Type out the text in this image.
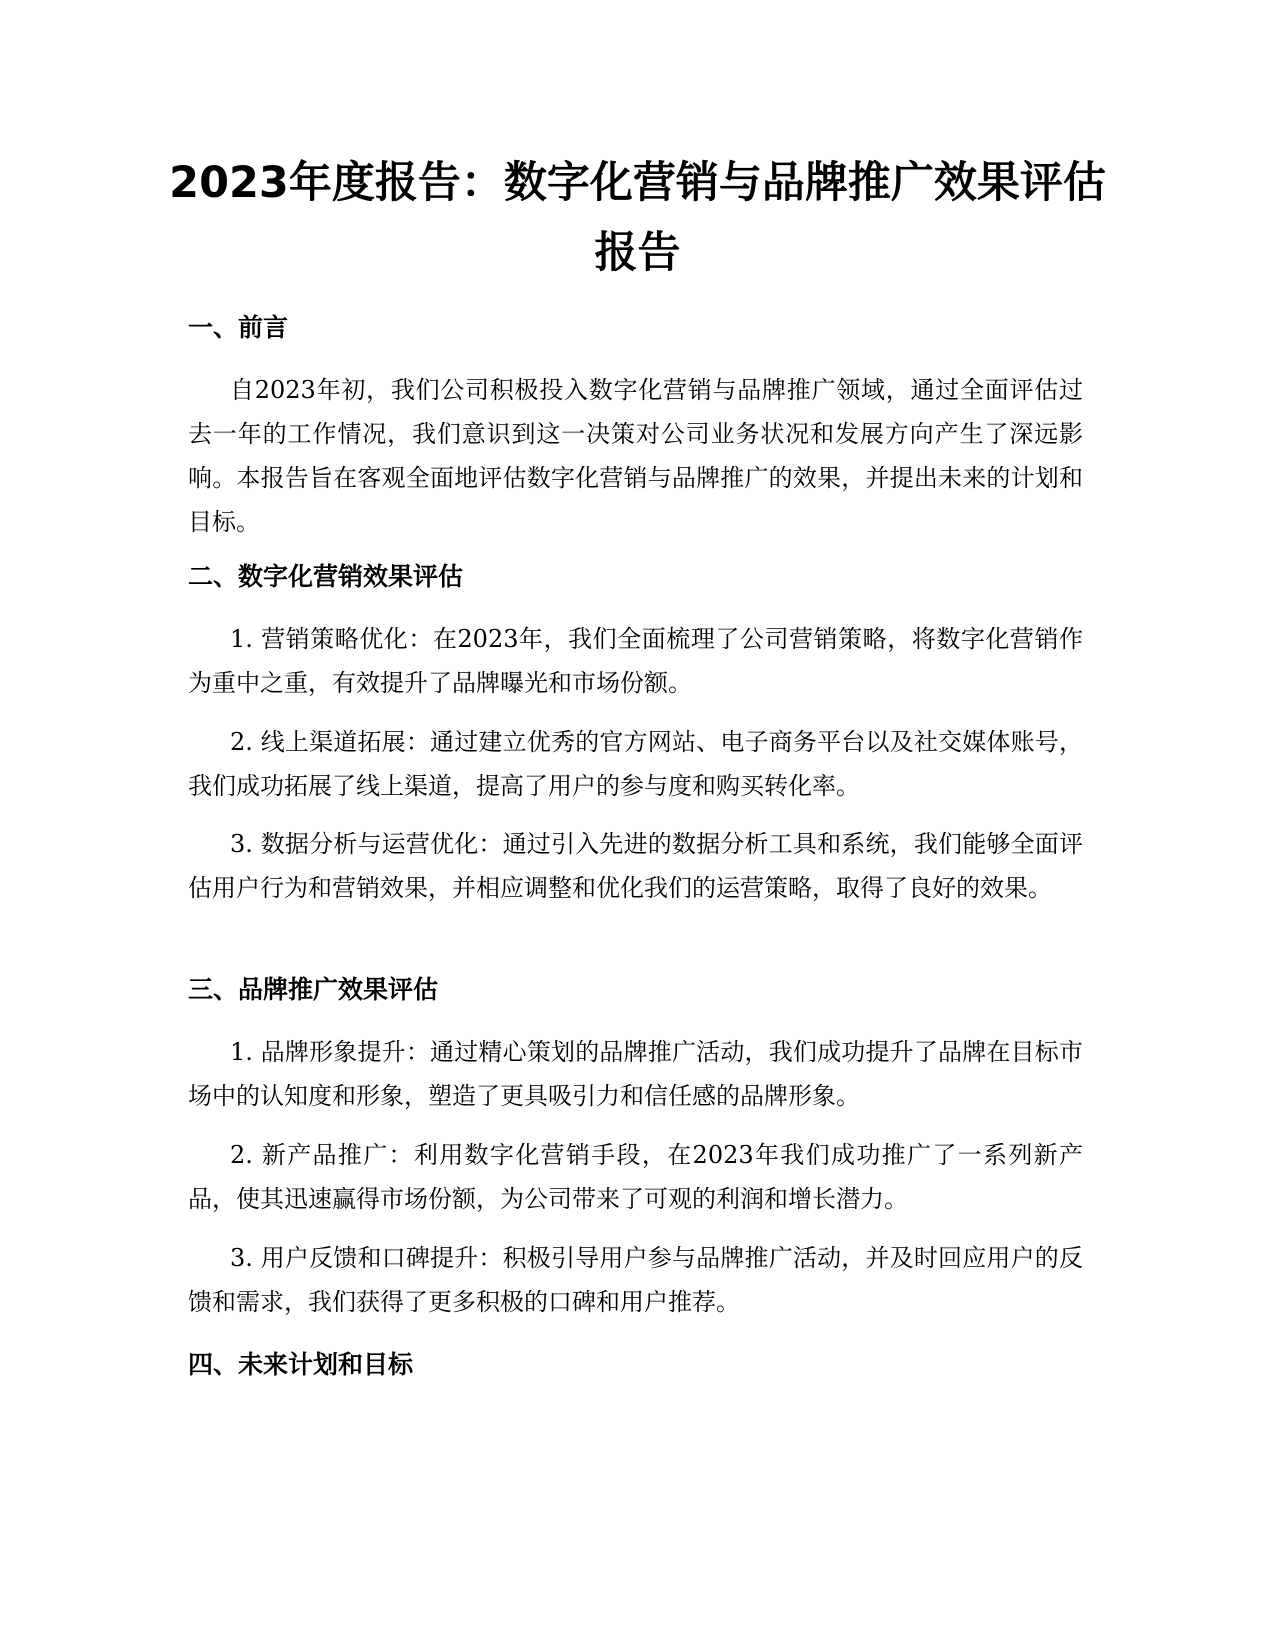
2023年度报告：数字化营销与品牌推广效果评估报告
一、前言

自2023年初，我们公司积极投入数字化营销与品牌推广领域，通过全面评估过去一年的工作情况，我们意识到这一决策对公司业务状况和发展方向产生了深远影响。本报告旨在客观全面地评估数字化营销与品牌推广的效果，并提出未来的计划和目标。

二、数字化营销效果评估

1. 营销策略优化：在2023年，我们全面梳理了公司营销策略，将数字化营销作为重中之重，有效提升了品牌曝光和市场份额。

2. 线上渠道拓展：通过建立优秀的官方网站、电子商务平台以及社交媒体账号，我们成功拓展了线上渠道，提高了用户的参与度和购买转化率。

3. 数据分析与运营优化：通过引入先进的数据分析工具和系统，我们能够全面评估用户行为和营销效果，并相应调整和优化我们的运营策略，取得了良好的效果。

三、品牌推广效果评估

1. 品牌形象提升：通过精心策划的品牌推广活动，我们成功提升了品牌在目标市场中的认知度和形象，塑造了更具吸引力和信任感的品牌形象。

2. 新产品推广：利用数字化营销手段，在2023年我们成功推广了一系列新产品，使其迅速赢得市场份额，为公司带来了可观的利润和增长潜力。

3. 用户反馈和口碑提升：积极引导用户参与品牌推广活动，并及时回应用户的反馈和需求，我们获得了更多积极的口碑和用户推荐。

四、未来计划和目标
